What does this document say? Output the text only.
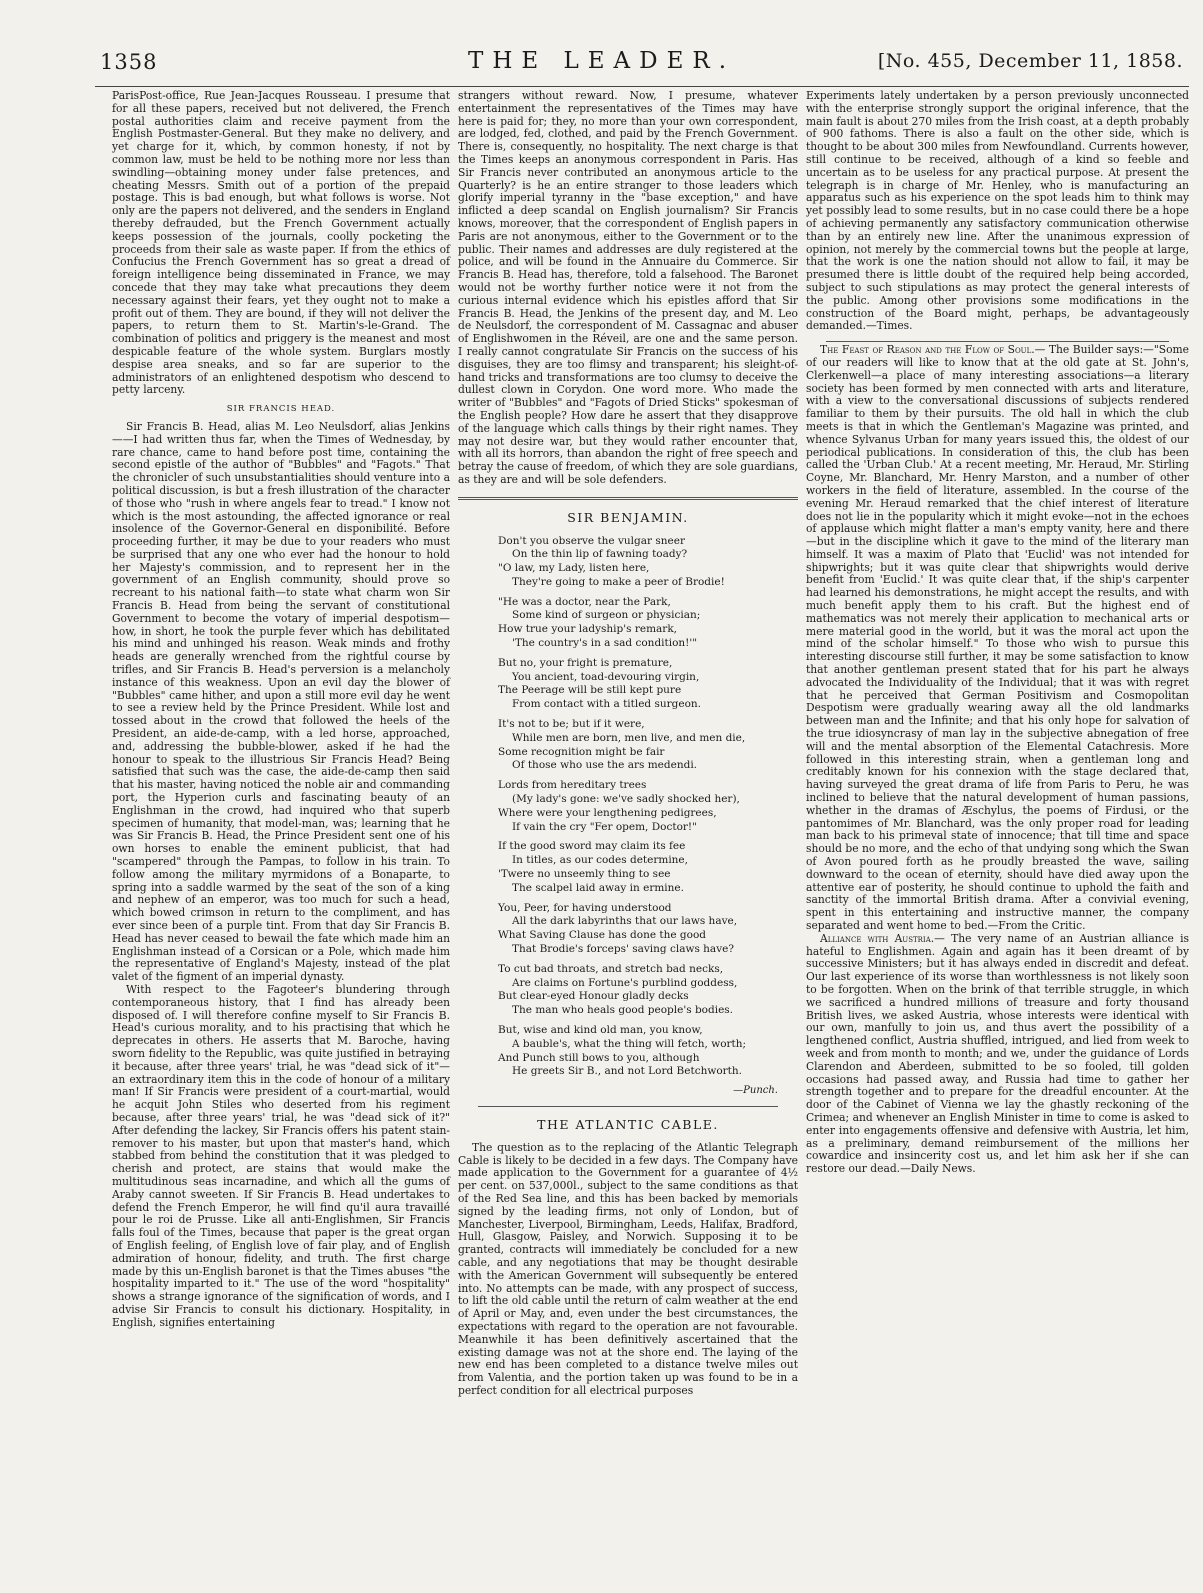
1358	THE LEADER.	[No. 455, December 11, 1858.

ParisPost-office, Rue Jean-Jacques Rousseau. I presume that for all these papers, received but not delivered, the French postal authorities claim and receive payment from the English Postmaster-General. But they make no delivery, and yet charge for it, which, by common honesty, if not by common law, must be held to be nothing more nor less than swindling—obtaining money under false pretences, and cheating Messrs. Smith out of a portion of the prepaid postage. This is bad enough, but what follows is worse. Not only are the papers not delivered, and the senders in England thereby defrauded, but the French Government actually keeps possession of the journals, coolly pocketing the proceeds from their sale as waste paper. If from the ethics of Confucius the French Government has so great a dread of foreign intelligence being disseminated in France, we may concede that they may take what precautions they deem necessary against their fears, yet they ought not to make a profit out of them. They are bound, if they will not deliver the papers, to return them to St. Martin's-le-Grand. The combination of politics and priggery is the meanest and most despicable feature of the whole system. Burglars mostly despise area sneaks, and so far are superior to the administrators of an enlightened despotism who descend to petty larceny.

SIR FRANCIS HEAD.

Sir Francis B. Head, alias M. Leo Neulsdorf, alias Jenkins——I had written thus far, when the Times of Wednesday, by rare chance, came to hand before post time, containing the second epistle of the author of "Bubbles" and "Fagots." That the chronicler of such unsubstantialities should venture into a political discussion, is but a fresh illustration of the character of those who "rush in where angels fear to tread." I know not which is the most astounding, the affected ignorance or real insolence of the Governor-General en disponibilité. Before proceeding further, it may be due to your readers who must be surprised that any one who ever had the honour to hold her Majesty's commission, and to represent her in the government of an English community, should prove so recreant to his national faith—to state what charm won Sir Francis B. Head from being the servant of constitutional Government to become the votary of imperial despotism—how, in short, he took the purple fever which has debilitated his mind and unhinged his reason. Weak minds and frothy heads are generally wrenched from the rightful course by trifles, and Sir Francis B. Head's perversion is a melancholy instance of this weakness. Upon an evil day the blower of "Bubbles" came hither, and upon a still more evil day he went to see a review held by the Prince President. While lost and tossed about in the crowd that followed the heels of the President, an aide-de-camp, with a led horse, approached, and, addressing the bubble-blower, asked if he had the honour to speak to the illustrious Sir Francis Head? Being satisfied that such was the case, the aide-de-camp then said that his master, having noticed the noble air and commanding port, the Hyperion curls and fascinating beauty of an Englishman in the crowd, had inquired who that superb specimen of humanity, that model-man, was; learning that he was Sir Francis B. Head, the Prince President sent one of his own horses to enable the eminent publicist, that had "scampered" through the Pampas, to follow in his train. To follow among the military myrmidons of a Bonaparte, to spring into a saddle warmed by the seat of the son of a king and nephew of an emperor, was too much for such a head, which bowed crimson in return to the compliment, and has ever since been of a purple tint. From that day Sir Francis B. Head has never ceased to bewail the fate which made him an Englishman instead of a Corsican or a Pole, which made him the representative of England's Majesty, instead of the plat valet of the figment of an imperial dynasty.

With respect to the Fagoteer's blundering through contemporaneous history, that I find has already been disposed of. I will therefore confine myself to Sir Francis B. Head's curious morality, and to his practising that which he deprecates in others. He asserts that M. Baroche, having sworn fidelity to the Republic, was quite justified in betraying it because, after three years' trial, he was "dead sick of it"—an extraordinary item this in the code of honour of a military man! If Sir Francis were president of a court-martial, would he acquit John Stiles who deserted from his regiment because, after three years' trial, he was "dead sick of it?" After defending the lackey, Sir Francis offers his patent stain-remover to his master, but upon that master's hand, which stabbed from behind the constitution that it was pledged to cherish and protect, are stains that would make the multitudinous seas incarnadine, and which all the gums of Araby cannot sweeten. If Sir Francis B. Head undertakes to defend the French Emperor, he will find qu'il aura travaillé pour le roi de Prusse. Like all anti-Englishmen, Sir Francis falls foul of the Times, because that paper is the great organ of English feeling, of English love of fair play, and of English admiration of honour, fidelity, and truth. The first charge made by this un-English baronet is that the Times abuses "the hospitality imparted to it." The use of the word "hospitality" shows a strange ignorance of the signification of words, and I advise Sir Francis to consult his dictionary. Hospitality, in English, signifies entertaining

strangers without reward. Now, I presume, whatever entertainment the representatives of the Times may have here is paid for; they, no more than your own correspondent, are lodged, fed, clothed, and paid by the French Government. There is, consequently, no hospitality. The next charge is that the Times keeps an anonymous correspondent in Paris. Has Sir Francis never contributed an anonymous article to the Quarterly? is he an entire stranger to those leaders which glorify imperial tyranny in the "base exception," and have inflicted a deep scandal on English journalism? Sir Francis knows, moreover, that the correspondent of English papers in Paris are not anonymous, either to the Government or to the public. Their names and addresses are duly registered at the police, and will be found in the Annuaire du Commerce. Sir Francis B. Head has, therefore, told a falsehood. The Baronet would not be worthy further notice were it not from the curious internal evidence which his epistles afford that Sir Francis B. Head, the Jenkins of the present day, and M. Leo de Neulsdorf, the correspondent of M. Cassagnac and abuser of Englishwomen in the Réveil, are one and the same person. I really cannot congratulate Sir Francis on the success of his disguises, they are too flimsy and transparent; his sleight-of-hand tricks and transformations are too clumsy to deceive the dullest clown in Corydon. One word more. Who made the writer of "Bubbles" and "Fagots of Dried Sticks" spokesman of the English people? How dare he assert that they disapprove of the language which calls things by their right names. They may not desire war, but they would rather encounter that, with all its horrors, than abandon the right of free speech and betray the cause of freedom, of which they are sole guardians, as they are and will be sole defenders.

SIR BENJAMIN.
Don't you observe the vulgar sneer
On the thin lip of fawning toady?
"O law, my Lady, listen here,
They're going to make a peer of Brodie!
"He was a doctor, near the Park,
Some kind of surgeon or physician;
How true your ladyship's remark,
'The country's in a sad condition!'"
But no, your fright is premature,
You ancient, toad-devouring virgin,
The Peerage will be still kept pure
From contact with a titled surgeon.
It's not to be; but if it were,
While men are born, men live, and men die,
Some recognition might be fair
Of those who use the ars medendi.
Lords from hereditary trees
(My lady's gone: we've sadly shocked her),
Where were your lengthening pedigrees,
If vain the cry "Fer opem, Doctor!"
If the good sword may claim its fee
In titles, as our codes determine,
'Twere no unseemly thing to see
The scalpel laid away in ermine.
You, Peer, for having understood
All the dark labyrinths that our laws have,
What Saving Clause has done the good
That Brodie's forceps' saving claws have?
To cut bad throats, and stretch bad necks,
Are claims on Fortune's purblind goddess,
But clear-eyed Honour gladly decks
The man who heals good people's bodies.
But, wise and kind old man, you know,
A bauble's, what the thing will fetch, worth;
And Punch still bows to you, although
He greets Sir B., and not Lord Betchworth.
—Punch.
THE ATLANTIC CABLE.

The question as to the replacing of the Atlantic Telegraph Cable is likely to be decided in a few days. The Company have made application to the Government for a guarantee of 4½ per cent. on 537,000l., subject to the same conditions as that of the Red Sea line, and this has been backed by memorials signed by the leading firms, not only of London, but of Manchester, Liverpool, Birmingham, Leeds, Halifax, Bradford, Hull, Glasgow, Paisley, and Norwich. Supposing it to be granted, contracts will immediately be concluded for a new cable, and any negotiations that may be thought desirable with the American Government will subsequently be entered into. No attempts can be made, with any prospect of success, to lift the old cable until the return of calm weather at the end of April or May, and, even under the best circumstances, the expectations with regard to the operation are not favourable. Meanwhile it has been definitively ascertained that the existing damage was not at the shore end. The laying of the new end has been completed to a distance twelve miles out from Valentia, and the portion taken up was found to be in a perfect condition for all electrical purposes

Experiments lately undertaken by a person previously unconnected with the enterprise strongly support the original inference, that the main fault is about 270 miles from the Irish coast, at a depth probably of 900 fathoms. There is also a fault on the other side, which is thought to be about 300 miles from Newfoundland. Currents however, still continue to be received, although of a kind so feeble and uncertain as to be useless for any practical purpose. At present the telegraph is in charge of Mr. Henley, who is manufacturing an apparatus such as his experience on the spot leads him to think may yet possibly lead to some results, but in no case could there be a hope of achieving permanently any satisfactory communication otherwise than by an entirely new line. After the unanimous expression of opinion, not merely by the commercial towns but the people at large, that the work is one the nation should not allow to fail, it may be presumed there is little doubt of the required help being accorded, subject to such stipulations as may protect the general interests of the public. Among other provisions some modifications in the construction of the Board might, perhaps, be advantageously demanded.—Times.

The Feast of Reason and the Flow of Soul.— The Builder says:—"Some of our readers will like to know that at the old gate at St. John's, Clerkenwell—a place of many interesting associations—a literary society has been formed by men connected with arts and literature, with a view to the conversational discussions of subjects rendered familiar to them by their pursuits. The old hall in which the club meets is that in which the Gentleman's Magazine was printed, and whence Sylvanus Urban for many years issued this, the oldest of our periodical publications. In consideration of this, the club has been called the 'Urban Club.' At a recent meeting, Mr. Heraud, Mr. Stirling Coyne, Mr. Blanchard, Mr. Henry Marston, and a number of other workers in the field of literature, assembled. In the course of the evening Mr. Heraud remarked that the chief interest of literature does not lie in the popularity which it might evoke—not in the echoes of applause which might flatter a man's empty vanity, here and there—but in the discipline which it gave to the mind of the literary man himself. It was a maxim of Plato that 'Euclid' was not intended for shipwrights; but it was quite clear that shipwrights would derive benefit from 'Euclid.' It was quite clear that, if the ship's carpenter had learned his demonstrations, he might accept the results, and with much benefit apply them to his craft. But the highest end of mathematics was not merely their application to mechanical arts or mere material good in the world, but it was the moral act upon the mind of the scholar himself." To those who wish to pursue this interesting discourse still further, it may be some satisfaction to know that another gentleman present stated that for his part he always advocated the Individuality of the Individual; that it was with regret that he perceived that German Positivism and Cosmopolitan Despotism were gradually wearing away all the old landmarks between man and the Infinite; and that his only hope for salvation of the true idiosyncrasy of man lay in the subjective abnegation of free will and the mental absorption of the Elemental Catachresis. More followed in this interesting strain, when a gentleman long and creditably known for his connexion with the stage declared that, having surveyed the great drama of life from Paris to Peru, he was inclined to believe that the natural development of human passions, whether in the dramas of Æschylus, the poems of Firdusi, or the pantomimes of Mr. Blanchard, was the only proper road for leading man back to his primeval state of innocence; that till time and space should be no more, and the echo of that undying song which the Swan of Avon poured forth as he proudly breasted the wave, sailing downward to the ocean of eternity, should have died away upon the attentive ear of posterity, he should continue to uphold the faith and sanctity of the immortal British drama. After a convivial evening, spent in this entertaining and instructive manner, the company separated and went home to bed.—From the Critic.

Alliance with Austria.— The very name of an Austrian alliance is hateful to Englishmen. Again and again has it been dreamt of by successive Ministers; but it has always ended in discredit and defeat. Our last experience of its worse than worthlessness is not likely soon to be forgotten. When on the brink of that terrible struggle, in which we sacrificed a hundred millions of treasure and forty thousand British lives, we asked Austria, whose interests were identical with our own, manfully to join us, and thus avert the possibility of a lengthened conflict, Austria shuffled, intrigued, and lied from week to week and from month to month; and we, under the guidance of Lords Clarendon and Aberdeen, submitted to be so fooled, till golden occasions had passed away, and Russia had time to gather her strength together and to prepare for the dreadful encounter. At the door of the Cabinet of Vienna we lay the ghastly reckoning of the Crimea; and whenever an English Minister in time to come is asked to enter into engagements offensive and defensive with Austria, let him, as a preliminary, demand reimbursement of the millions her cowardice and insincerity cost us, and let him ask her if she can restore our dead.—Daily News.
